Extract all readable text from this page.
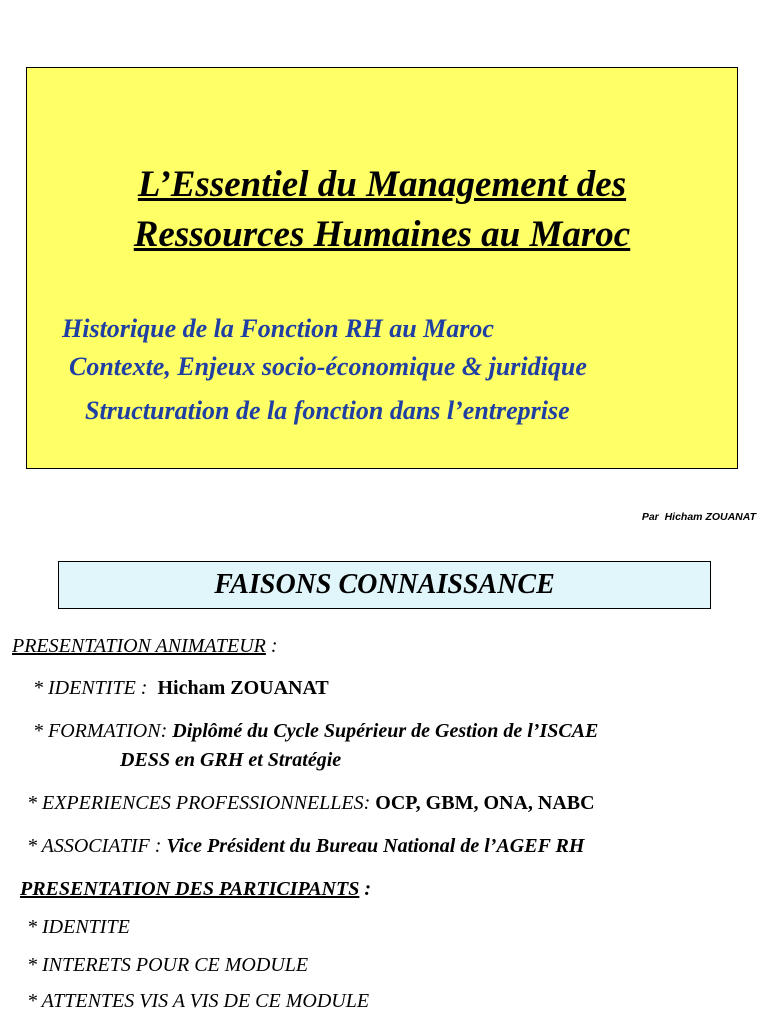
L’Essentiel du Management des
Ressources Humaines au Maroc

Historique de la Fonction RH au Maroc

Contexte, Enjeux socio-économique & juridique

Structuration de la fonction dans l’entreprise

Par Hicham ZOUANAT
FAISONS CONNAISSANCE
PRESENTATION ANIMATEUR :
* IDENTITE : Hicham ZOUANAT
* FORMATION: Diplômé du Cycle Supérieur de Gestion de l’ISCAE
DESS en GRH et Stratégie
* EXPERIENCES PROFESSIONNELLES: OCP, GBM, ONA, NABC
* ASSOCIATIF : Vice Président du Bureau National de l’AGEF RH
PRESENTATION DES PARTICIPANTS :
* IDENTITE
* INTERETS POUR CE MODULE
* ATTENTES VIS A VIS DE CE MODULE
